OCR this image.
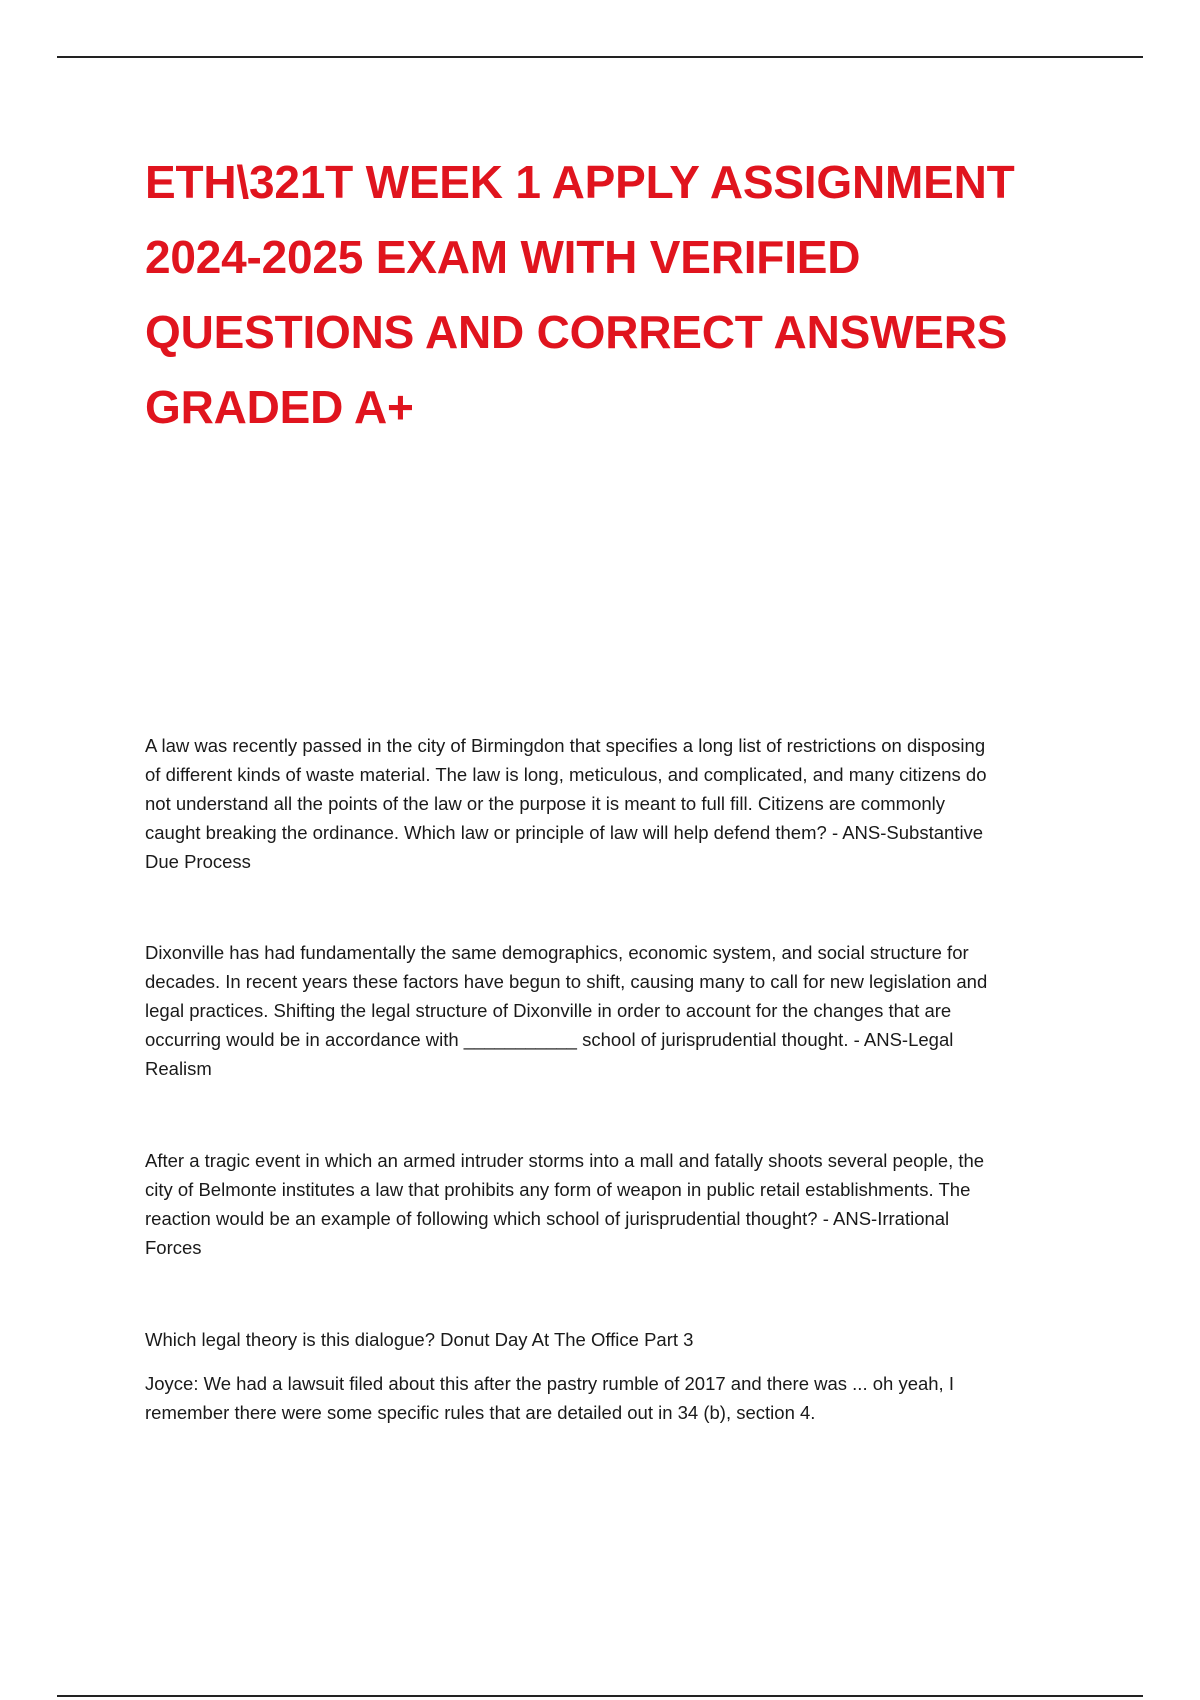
ETH\321T WEEK 1 APPLY ASSIGNMENT
2024-2025 EXAM WITH VERIFIED
QUESTIONS AND CORRECT ANSWERS
GRADED A+

A law was recently passed in the city of Birmingdon that specifies a long list of restrictions on disposing
of different kinds of waste material. The law is long, meticulous, and complicated, and many citizens do
not understand all the points of the law or the purpose it is meant to full fill. Citizens are commonly
caught breaking the ordinance. Which law or principle of law will help defend them? - ANS-Substantive
Due Process

Dixonville has had fundamentally the same demographics, economic system, and social structure for
decades. In recent years these factors have begun to shift, causing many to call for new legislation and
legal practices. Shifting the legal structure of Dixonville in order to account for the changes that are
occurring would be in accordance with ___________ school of jurisprudential thought. - ANS-Legal
Realism

After a tragic event in which an armed intruder storms into a mall and fatally shoots several people, the
city of Belmonte institutes a law that prohibits any form of weapon in public retail establishments. The
reaction would be an example of following which school of jurisprudential thought? - ANS-Irrational
Forces

Which legal theory is this dialogue? Donut Day At The Office Part 3

Joyce: We had a lawsuit filed about this after the pastry rumble of 2017 and there was ... oh yeah, I
remember there were some specific rules that are detailed out in 34 (b), section 4.
